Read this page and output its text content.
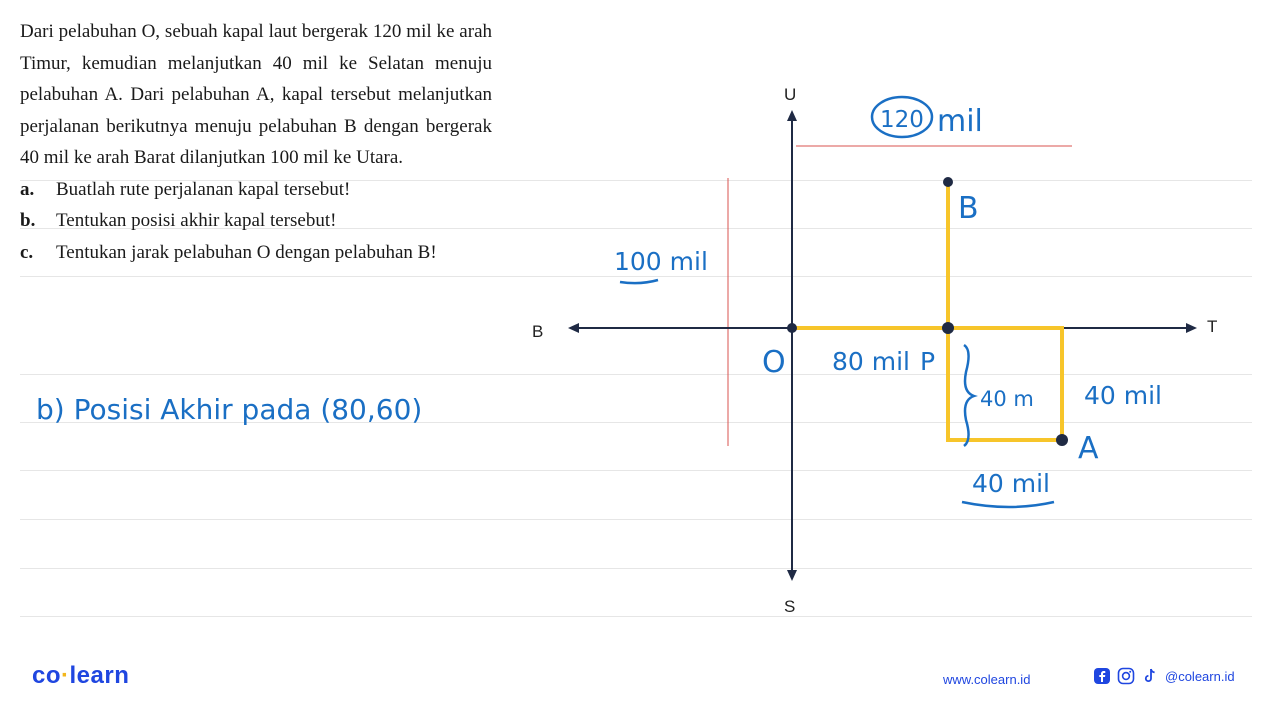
Dari pelabuhan O, sebuah kapal laut bergerak 120 mil ke arah Timur, kemudian melanjutkan 40 mil ke Selatan menuju pelabuhan A. Dari pelabuhan A, kapal tersebut melanjutkan perjalanan berikutnya menuju pelabuhan B dengan bergerak 40 mil ke arah Barat dilanjutkan 100 mil ke Utara.

a.	Buatlah rute perjalanan kapal tersebut!
b.	Tentukan posisi akhir kapal tersebut!
c.	Tentukan jarak pelabuhan O dengan pelabuhan B!
U
S
T
B
120 mil
B
100 mil
O 80 mil P
40 m 40 mil
A
40 mil
b) Posisi Akhir pada (80,60)
co·learn	www.colearn.id	@colearn.id
